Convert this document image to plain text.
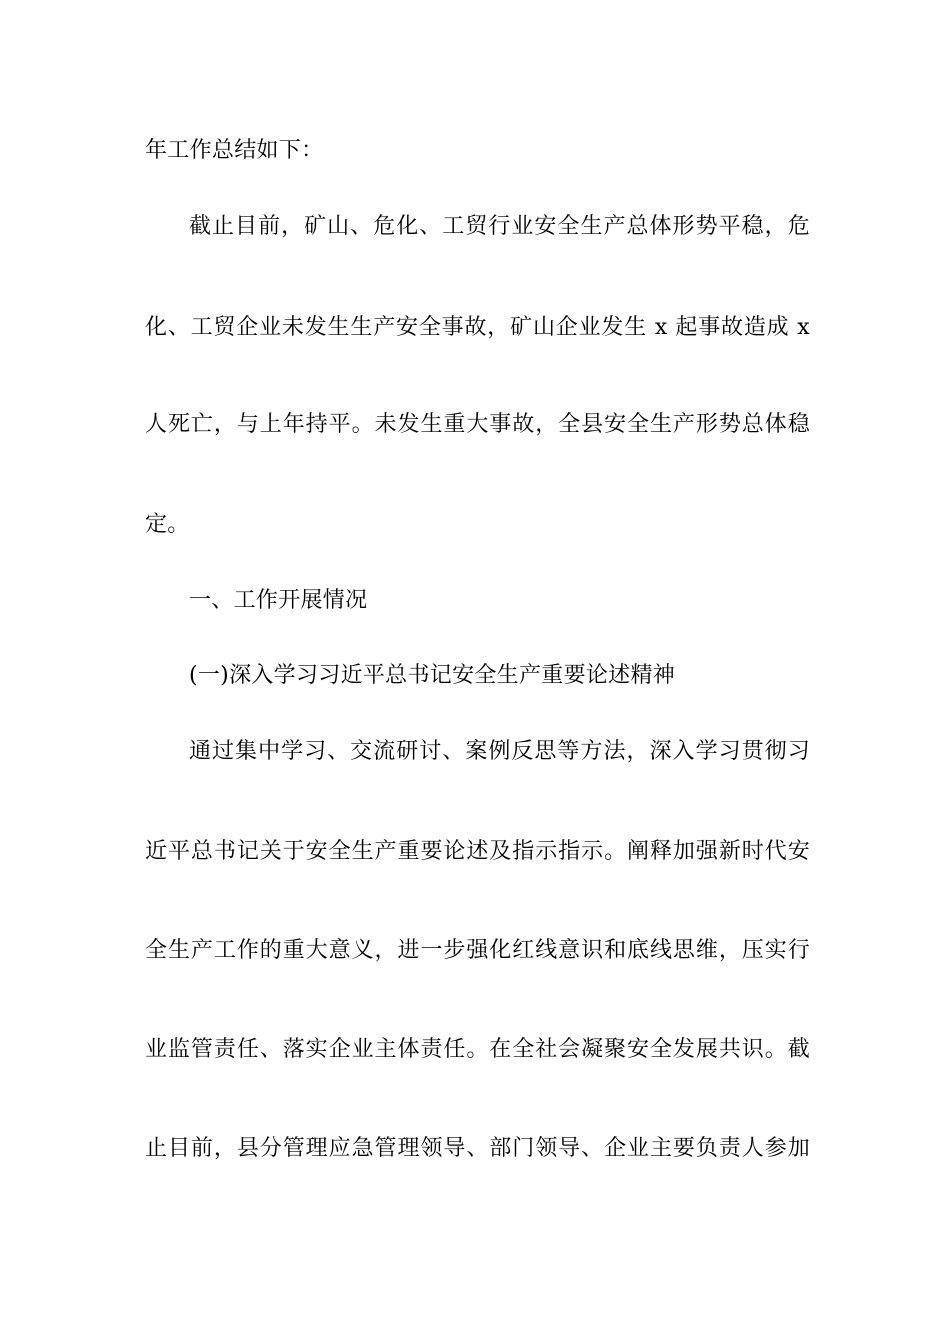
年工作总结如下：
截止目前，矿山、危化、工贸行业安全生产总体形势平稳，危
化、工贸企业未发生生产安全事故，矿山企业发生 x 起事故造成 x
人死亡，与上年持平。未发生重大事故，全县安全生产形势总体稳
定。
一、工作开展情况
(一)深入学习习近平总书记安全生产重要论述精神
通过集中学习、交流研讨、案例反思等方法，深入学习贯彻习
近平总书记关于安全生产重要论述及指示指示。阐释加强新时代安
全生产工作的重大意义，进一步强化红线意识和底线思维，压实行
业监管责任、落实企业主体责任。在全社会凝聚安全发展共识。截
止目前，县分管理应急管理领导、部门领导、企业主要负责人参加
